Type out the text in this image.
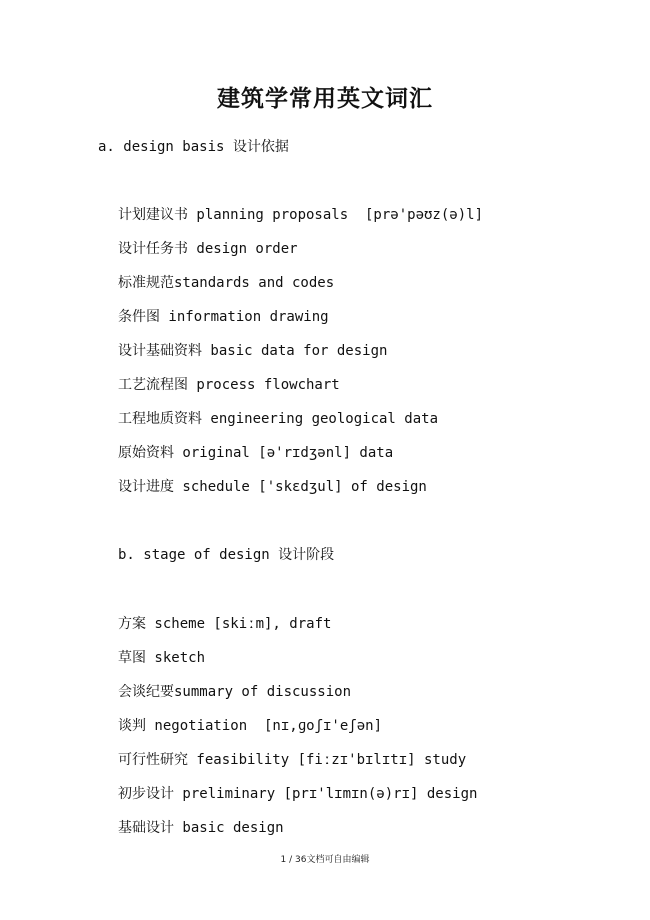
建筑学常用英文词汇

a. design basis 设计依据

计划建议书 planning proposals  [prə'pəʊz(ə)l]

设计任务书 design order

标准规范standards and codes

条件图 information drawing

设计基础资料 basic data for design

工艺流程图 process flowchart

工程地质资料 engineering geological data

原始资料 original [ə'rɪdʒənl] data

设计进度 schedule ['skɛdʒul] of design

b. stage of design 设计阶段

方案 scheme [skiːm], draft

草图 sketch

会谈纪要summary of discussion

谈判 negotiation  [nɪ,ɡoʃɪ'eʃən]

可行性研究 feasibility [fiːzɪ'bɪlɪtɪ] study

初步设计 preliminary [prɪ'lɪmɪn(ə)rɪ] design

基础设计 basic design

1 / 36文档可自由编辑
